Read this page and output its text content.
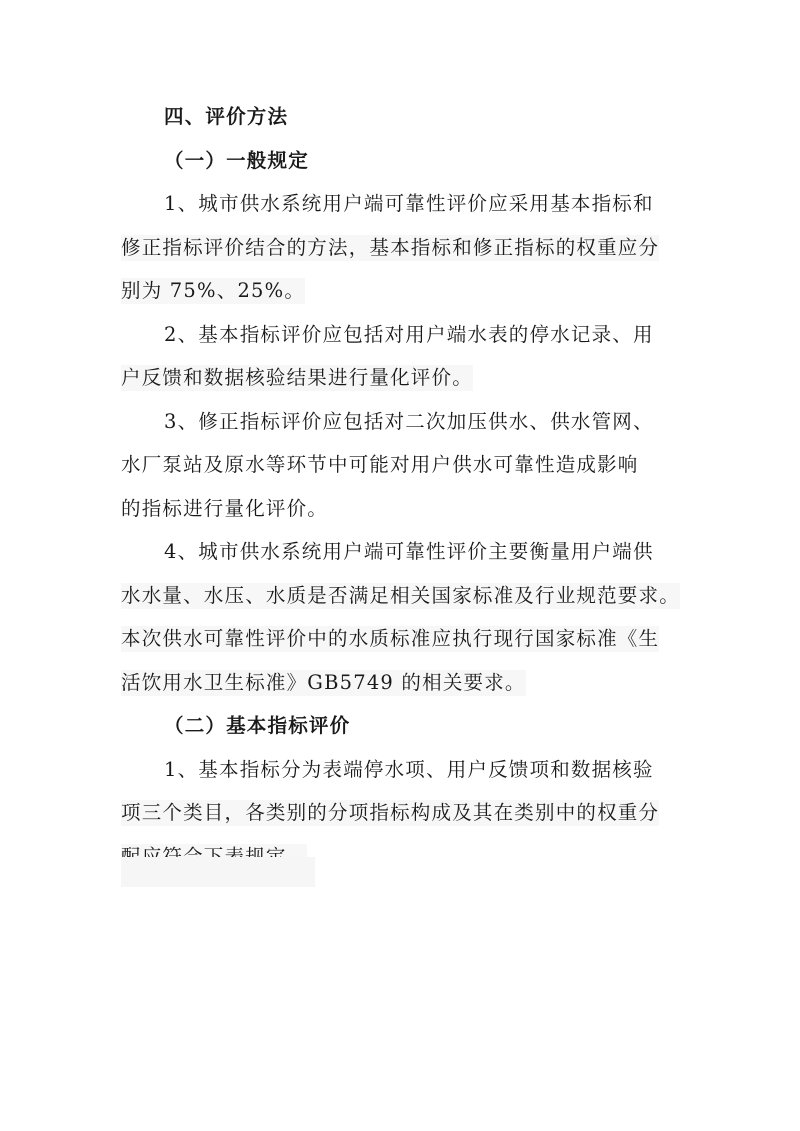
四、评价方法
（一）一般规定
1、城市供水系统用户端可靠性评价应采用基本指标和
修正指标评价结合的方法，基本指标和修正指标的权重应分
别为 75%、25%。
2、基本指标评价应包括对用户端水表的停水记录、用
户反馈和数据核验结果进行量化评价。
3、修正指标评价应包括对二次加压供水、供水管网、
水厂泵站及原水等环节中可能对用户供水可靠性造成影响
的指标进行量化评价。
4、城市供水系统用户端可靠性评价主要衡量用户端供
水水量、水压、水质是否满足相关国家标准及行业规范要求。
本次供水可靠性评价中的水质标准应执行现行国家标准《生
活饮用水卫生标准》GB5749 的相关要求。
（二）基本指标评价
1、基本指标分为表端停水项、用户反馈项和数据核验
项三个类目，各类别的分项指标构成及其在类别中的权重分
